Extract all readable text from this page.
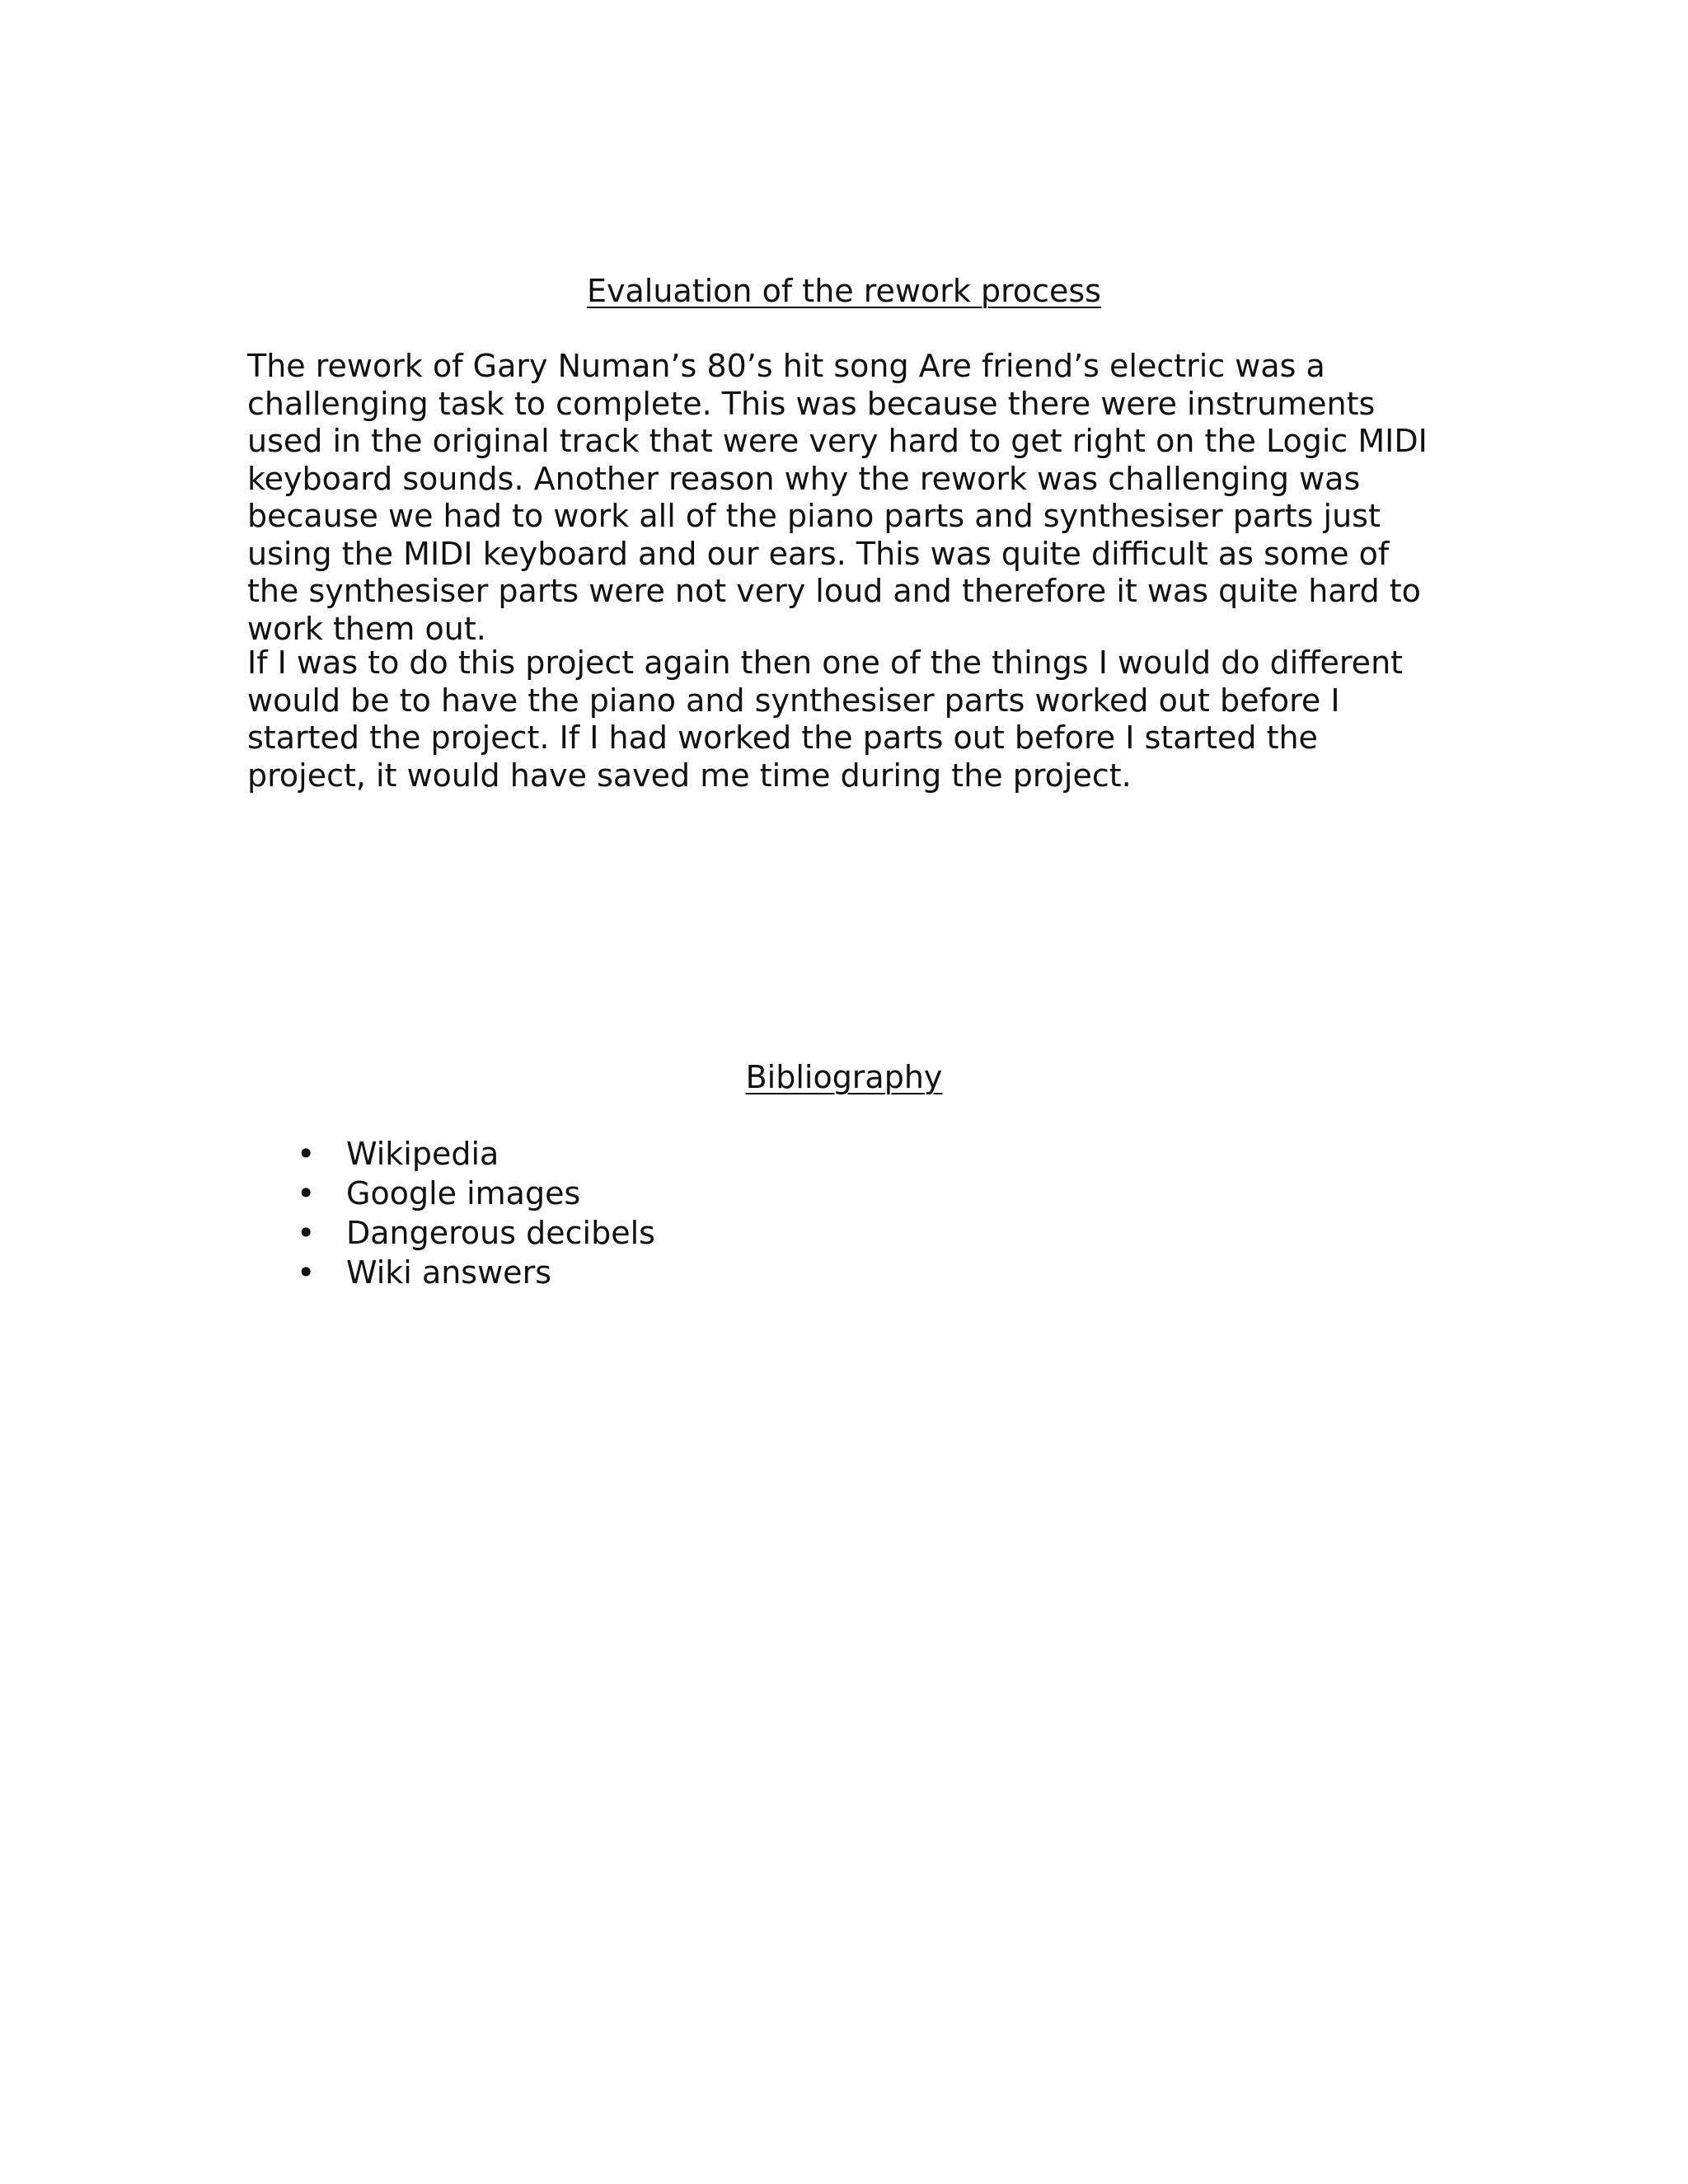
Evaluation of the rework process

The rework of Gary Numan’s 80’s hit song Are friend’s electric was a challenging task to complete. This was because there were instruments used in the original track that were very hard to get right on the Logic MIDI keyboard sounds. Another reason why the rework was challenging was because we had to work all of the piano parts and synthesiser parts just using the MIDI keyboard and our ears. This was quite difficult as some of the synthesiser parts were not very loud and therefore it was quite hard to work them out.

If I was to do this project again then one of the things I would do different would be to have the piano and synthesiser parts worked out before I started the project. If I had worked the parts out before I started the project, it would have saved me time during the project.

Bibliography
• Wikipedia
• Google images
• Dangerous decibels
• Wiki answers
